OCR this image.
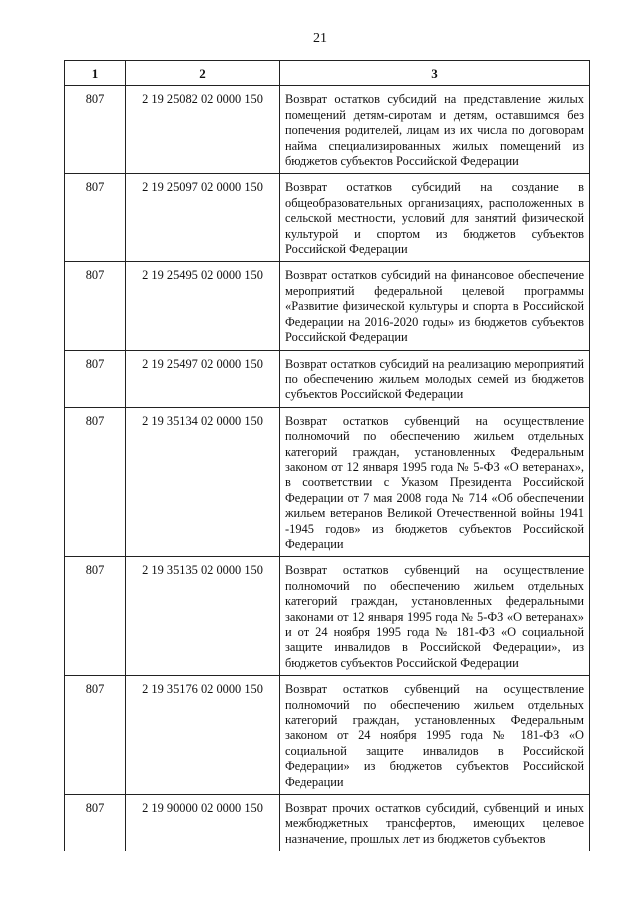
21
1	2	3
807	2 19 25082 02 0000 150	Возврат остатков субсидий на представление жилых помещений детям-сиротам и детям, оставшимся без попечения родителей, лицам из их числа по договорам найма специализированных жилых помещений из бюджетов субъектов Российской Федерации
807	2 19 25097 02 0000 150	Возврат остатков субсидий на создание в общеобразовательных организациях, расположенных в сельской местности, условий для занятий физической культурой и спортом из бюджетов субъектов Российской Федерации
807	2 19 25495 02 0000 150	Возврат остатков субсидий на финансовое обеспечение мероприятий федеральной целевой программы «Развитие физической культуры и спорта в Российской Федерации на 2016-2020 годы» из бюджетов субъектов Российской Федерации
807	2 19 25497 02 0000 150	Возврат остатков субсидий на реализацию мероприятий по обеспечению жильем молодых семей из бюджетов субъектов Российской Федерации
807	2 19 35134 02 0000 150	Возврат остатков субвенций на осуществление полномочий по обеспечению жильем отдельных категорий граждан, установленных Федеральным законом от 12 января 1995 года № 5-ФЗ «О ветеранах», в соответствии с Указом Президента Российской Федерации от 7 мая 2008 года № 714 «Об обеспечении жильем ветеранов Великой Отечественной войны 1941 -1945 годов» из бюджетов субъектов Российской Федерации
807	2 19 35135 02 0000 150	Возврат остатков субвенций на осуществление полномочий по обеспечению жильем отдельных категорий граждан, установленных федеральными законами от 12 января 1995 года № 5-ФЗ «О ветеранах» и от 24 ноября 1995 года № 181-ФЗ «О социальной защите инвалидов в Российской Федерации», из бюджетов субъектов Российской Федерации
807	2 19 35176 02 0000 150	Возврат остатков субвенций на осуществление полномочий по обеспечению жильем отдельных категорий граждан, установленных Федеральным законом от 24 ноября 1995 года № 181-ФЗ «О социальной защите инвалидов в Российской Федерации» из бюджетов субъектов Российской Федерации
807	2 19 90000 02 0000 150	Возврат прочих остатков субсидий, субвенций и иных межбюджетных трансфертов, имеющих целевое назначение, прошлых лет из бюджетов субъектов
